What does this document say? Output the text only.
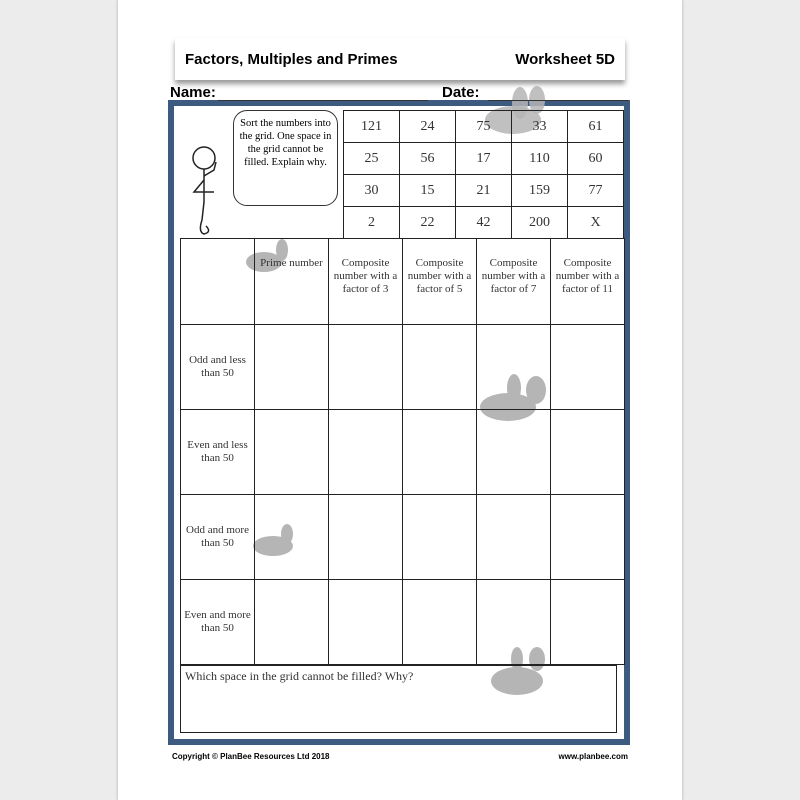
Factors, Multiples and Primes	Worksheet 5D
Name:	Date:
Sort the numbers into the grid. One space in the grid cannot be filled. Explain why.
121	24	75	33	61
25	56	17	110	60
30	15	21	159	77
2	22	42	200	X
	Prime number	Composite number with a factor of 3	Composite number with a factor of 5	Composite number with a factor of 7	Composite number with a factor of 11
Odd and less than 50					
Even and less than 50					
Odd and more than 50					
Even and more than 50					
Which space in the grid cannot be filled? Why?
Copyright © PlanBee Resources Ltd 2018	www.planbee.com
